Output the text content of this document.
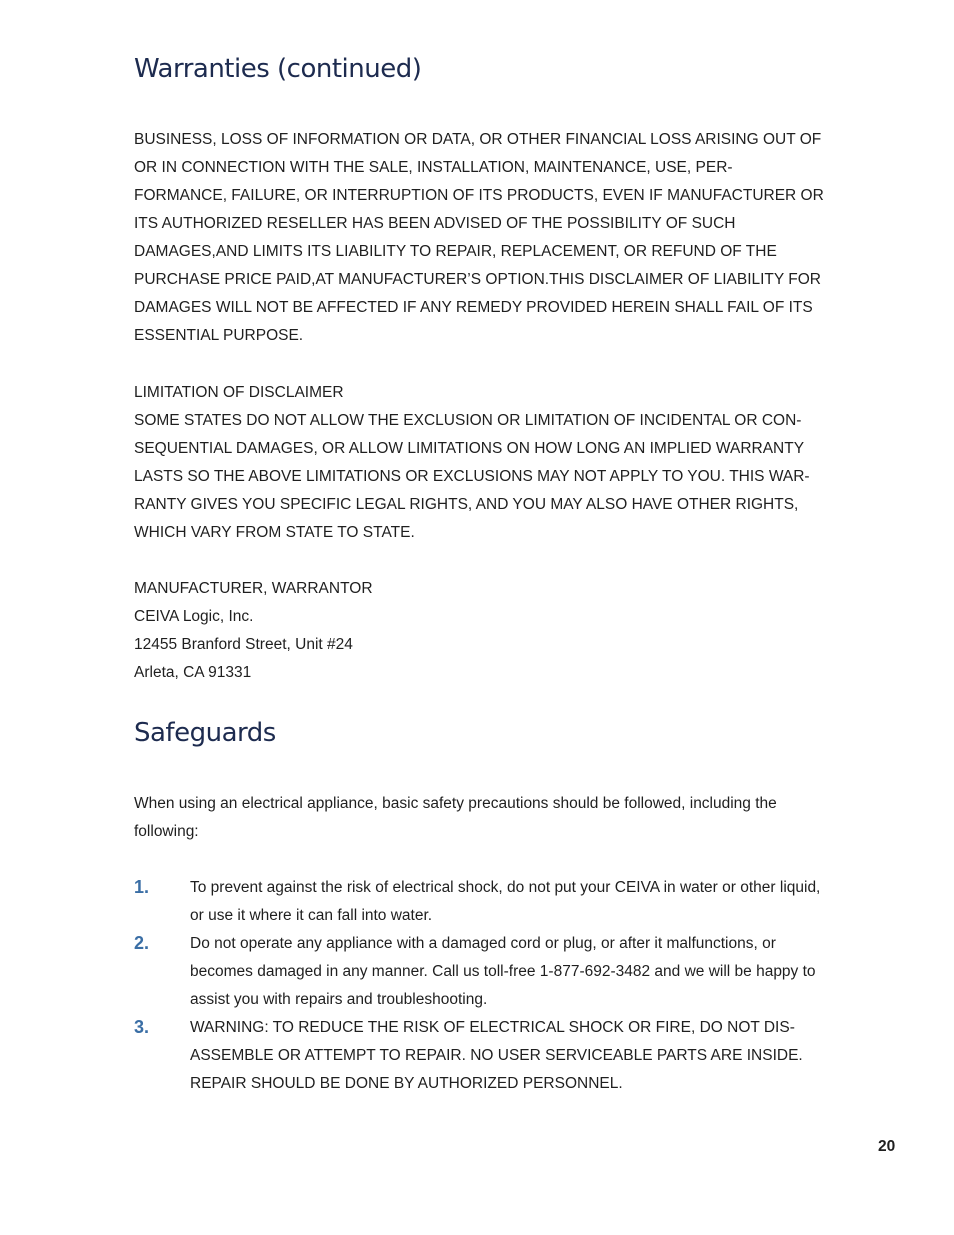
Warranties (continued)

BUSINESS, LOSS OF INFORMATION OR DATA, OR OTHER FINANCIAL LOSS ARISING OUT OF OR IN CONNECTION WITH THE SALE, INSTALLATION, MAINTENANCE, USE, PER-FORMANCE, FAILURE, OR INTERRUPTION OF ITS PRODUCTS, EVEN IF MANUFACTURER OR ITS AUTHORIZED RESELLER HAS BEEN ADVISED OF THE POSSIBILITY OF SUCH DAMAGES,AND LIMITS ITS LIABILITY TO REPAIR, REPLACEMENT, OR REFUND OF THE PURCHASE PRICE PAID,AT MANUFACTURER’S OPTION.THIS DISCLAIMER OF LIABILITY FOR DAMAGES WILL NOT BE AFFECTED IF ANY REMEDY PROVIDED HEREIN SHALL FAIL OF ITS ESSENTIAL PURPOSE.

LIMITATION OF DISCLAIMER

SOME STATES DO NOT ALLOW THE EXCLUSION OR LIMITATION OF INCIDENTAL OR CON-SEQUENTIAL DAMAGES, OR ALLOW LIMITATIONS ON HOW LONG AN IMPLIED WARRANTY LASTS SO THE ABOVE LIMITATIONS OR EXCLUSIONS MAY NOT APPLY TO YOU. THIS WAR-RANTY GIVES YOU SPECIFIC LEGAL RIGHTS, AND YOU MAY ALSO HAVE OTHER RIGHTS, WHICH VARY FROM STATE TO STATE.

MANUFACTURER, WARRANTOR

CEIVA Logic, Inc.

12455 Branford Street, Unit #24

Arleta, CA 91331

Safeguards

When using an electrical appliance, basic safety precautions should be followed, including the following:

1.	To prevent against the risk of electrical shock, do not put your CEIVA in water or other liquid, or use it where it can fall into water.
2.	Do not operate any appliance with a damaged cord or plug, or after it malfunctions, or becomes damaged in any manner. Call us toll-free 1-877-692-3482 and we will be happy to assist you with repairs and troubleshooting.
3.	WARNING: TO REDUCE THE RISK OF ELECTRICAL SHOCK OR FIRE, DO NOT DIS-ASSEMBLE OR ATTEMPT TO REPAIR. NO USER SERVICEABLE PARTS ARE INSIDE. REPAIR SHOULD BE DONE BY AUTHORIZED PERSONNEL.
20
